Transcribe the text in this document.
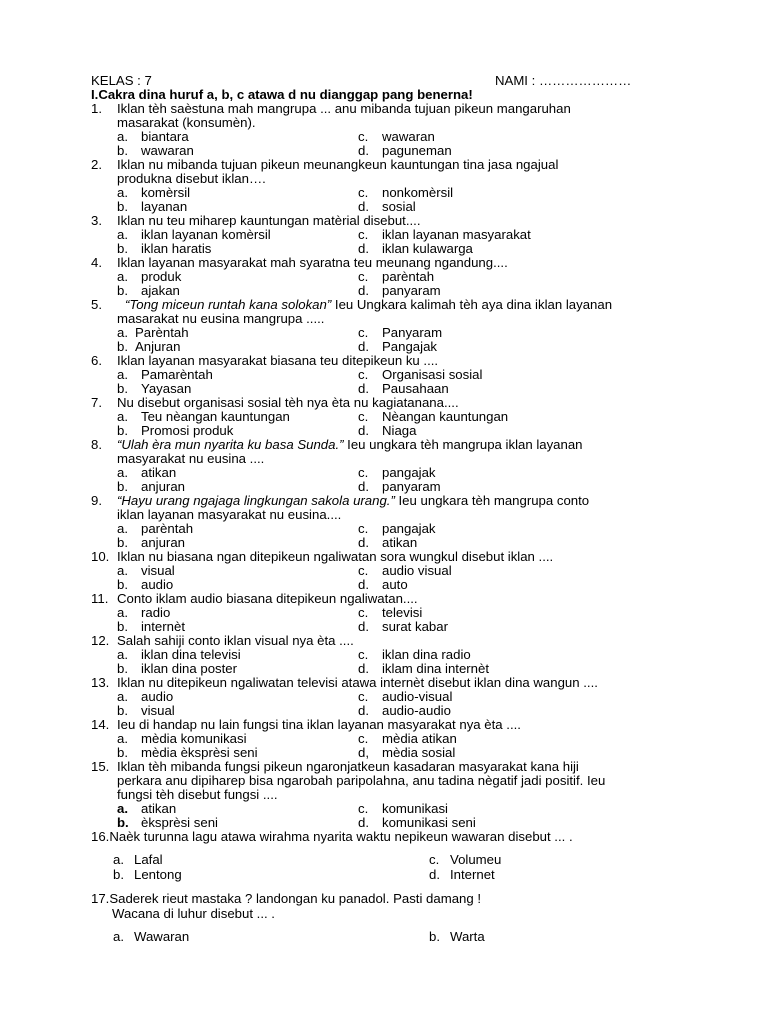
KELAS : 7	NAMI : …………………
I.Cakra dina huruf a, b, c atawa d nu dianggap pang benerna!
1. Iklan tèh saèstuna mah mangrupa ... anu mibanda tujuan pikeun mangaruhan
masarakat (konsumèn).
a. biantara
b. wawaran
c. wawaran
d. paguneman
2. Iklan nu mibanda tujuan pikeun meunangkeun kauntungan tina jasa ngajual
produkna disebut iklan….
a. komèrsil
b. layanan
c. nonkomèrsil
d. sosial
3. Iklan nu teu miharep kauntungan matèrial disebut....
a. iklan layanan komèrsil
b. iklan haratis
c. iklan layanan masyarakat
d. iklan kulawarga
4. Iklan layanan masyarakat mah syaratna teu meunang ngandung....
a. produk
b. ajakan
c. parèntah
d. panyaram
5. “Tong miceun runtah kana solokan” Ieu Ungkara kalimah tèh aya dina iklan layanan
masarakat nu eusina mangrupa .....
a. Parèntah
b. Anjuran
c. Panyaram
d. Pangajak
6. Iklan layanan masyarakat biasana teu ditepikeun ku ....
a. Pamarèntah
b. Yayasan
c. Organisasi sosial
d. Pausahaan
7. Nu disebut organisasi sosial tèh nya èta nu kagiatanana....
a. Teu nèangan kauntungan
b. Promosi produk
c. Nèangan kauntungan
d. Niaga
8. “Ulah èra mun nyarita ku basa Sunda.” Ieu ungkara tèh mangrupa iklan layanan
masyarakat nu eusina ....
a. atikan
b. anjuran
c. pangajak
d. panyaram
9. “Hayu urang ngajaga lingkungan sakola urang.” Ieu ungkara tèh mangrupa conto
iklan layanan masyarakat nu eusina....
a. parèntah
b. anjuran
c. pangajak
d. atikan
10. Iklan nu biasana ngan ditepikeun ngaliwatan sora wungkul disebut iklan ....
a. visual
b. audio
c. audio visual
d. auto
11. Conto iklam audio biasana ditepikeun ngaliwatan....
a. radio
b. internèt
c. televisi
d. surat kabar
12. Salah sahiji conto iklan visual nya èta ....
a. iklan dina televisi
b. iklan dina poster
c. iklan dina radio
d. iklam dina internèt
13. Iklan nu ditepikeun ngaliwatan televisi atawa internèt disebut iklan dina wangun ....
a. audio
b. visual
c. audio-visual
d. audio-audio
14. Ieu di handap nu lain fungsi tina iklan layanan masyarakat nya èta ....
a. mèdia komunikasi
b. mèdia èksprèsi seni
c. mèdia atikan
d, mèdia sosial
15. Iklan tèh mibanda fungsi pikeun ngaronjatkeun kasadaran masyarakat kana hiji
perkara anu dipiharep bisa ngarobah paripolahna, anu tadina nègatif jadi positif. Ieu
fungsi tèh disebut fungsi ....
a. atikan
b. èksprèsi seni
c. komunikasi
d. komunikasi seni
16.Naèk turunna lagu atawa wirahma nyarita waktu nepikeun wawaran disebut ... .
a. Lafal
b. Lentong
c. Volumeu
d. Internet
17.Saderek rieut mastaka ? landongan ku panadol. Pasti damang !
Wacana di luhur disebut ... .
a. Wawaran	b. Warta
